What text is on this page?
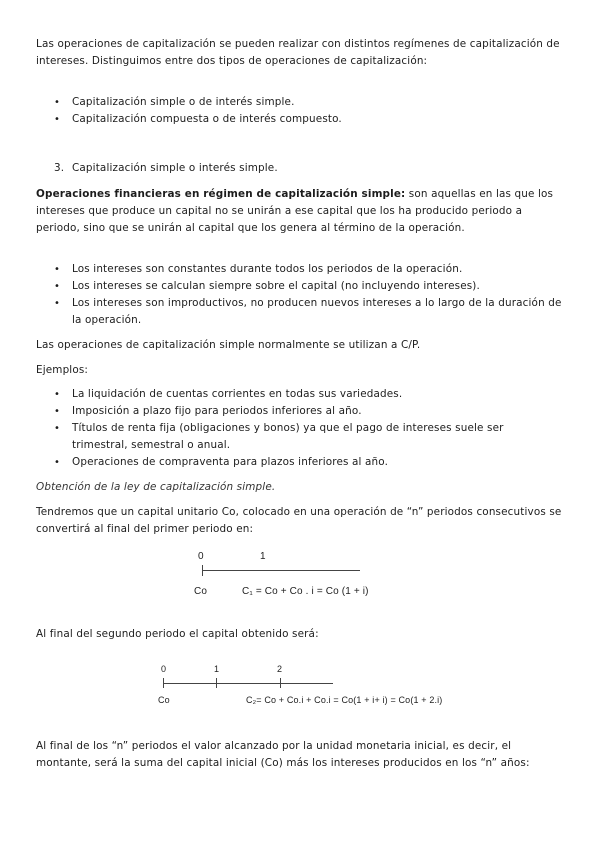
Las operaciones de capitalización se pueden realizar con distintos regímenes de capitalización de intereses. Distinguimos entre dos tipos de operaciones de capitalización:

•	Capitalización simple o de interés simple.

•	Capitalización compuesta o de interés compuesto.

3. Capitalización simple o interés simple.

Operaciones financieras en régimen de capitalización simple: son aquellas en las que los intereses que produce un capital no se unirán a ese capital que los ha producido periodo a periodo, sino que se unirán al capital que los genera al término de la operación.

•	Los intereses son constantes durante todos los periodos de la operación.

•	Los intereses se calculan siempre sobre el capital (no incluyendo intereses).

•	Los intereses son improductivos, no producen nuevos intereses a lo largo de la duración de la operación.

Las operaciones de capitalización simple normalmente se utilizan a C/P.

Ejemplos:

•	La liquidación de cuentas corrientes en todas sus variedades.

•	Imposición a plazo fijo para periodos inferiores al año.

•	Títulos de renta fija (obligaciones y bonos) ya que el pago de intereses suele ser trimestral, semestral o anual.

•	Operaciones de compraventa para plazos inferiores al año.

Obtención de la ley de capitalización simple.

Tendremos que un capital unitario Co, colocado en una operación de “n” periodos consecutivos se convertirá al final del primer periodo en:

0	1
Co	C₁ = Co + Co . i = Co (1 + i)

Al final del segundo periodo el capital obtenido será:

0	1	2
Co	C₂= Co + Co.i + Co.i = Co(1 + i+ i) = Co(1 + 2.i)

Al final de los “n” periodos el valor alcanzado por la unidad monetaria inicial, es decir, el montante, será la suma del capital inicial (Co) más los intereses producidos en los “n” años:
